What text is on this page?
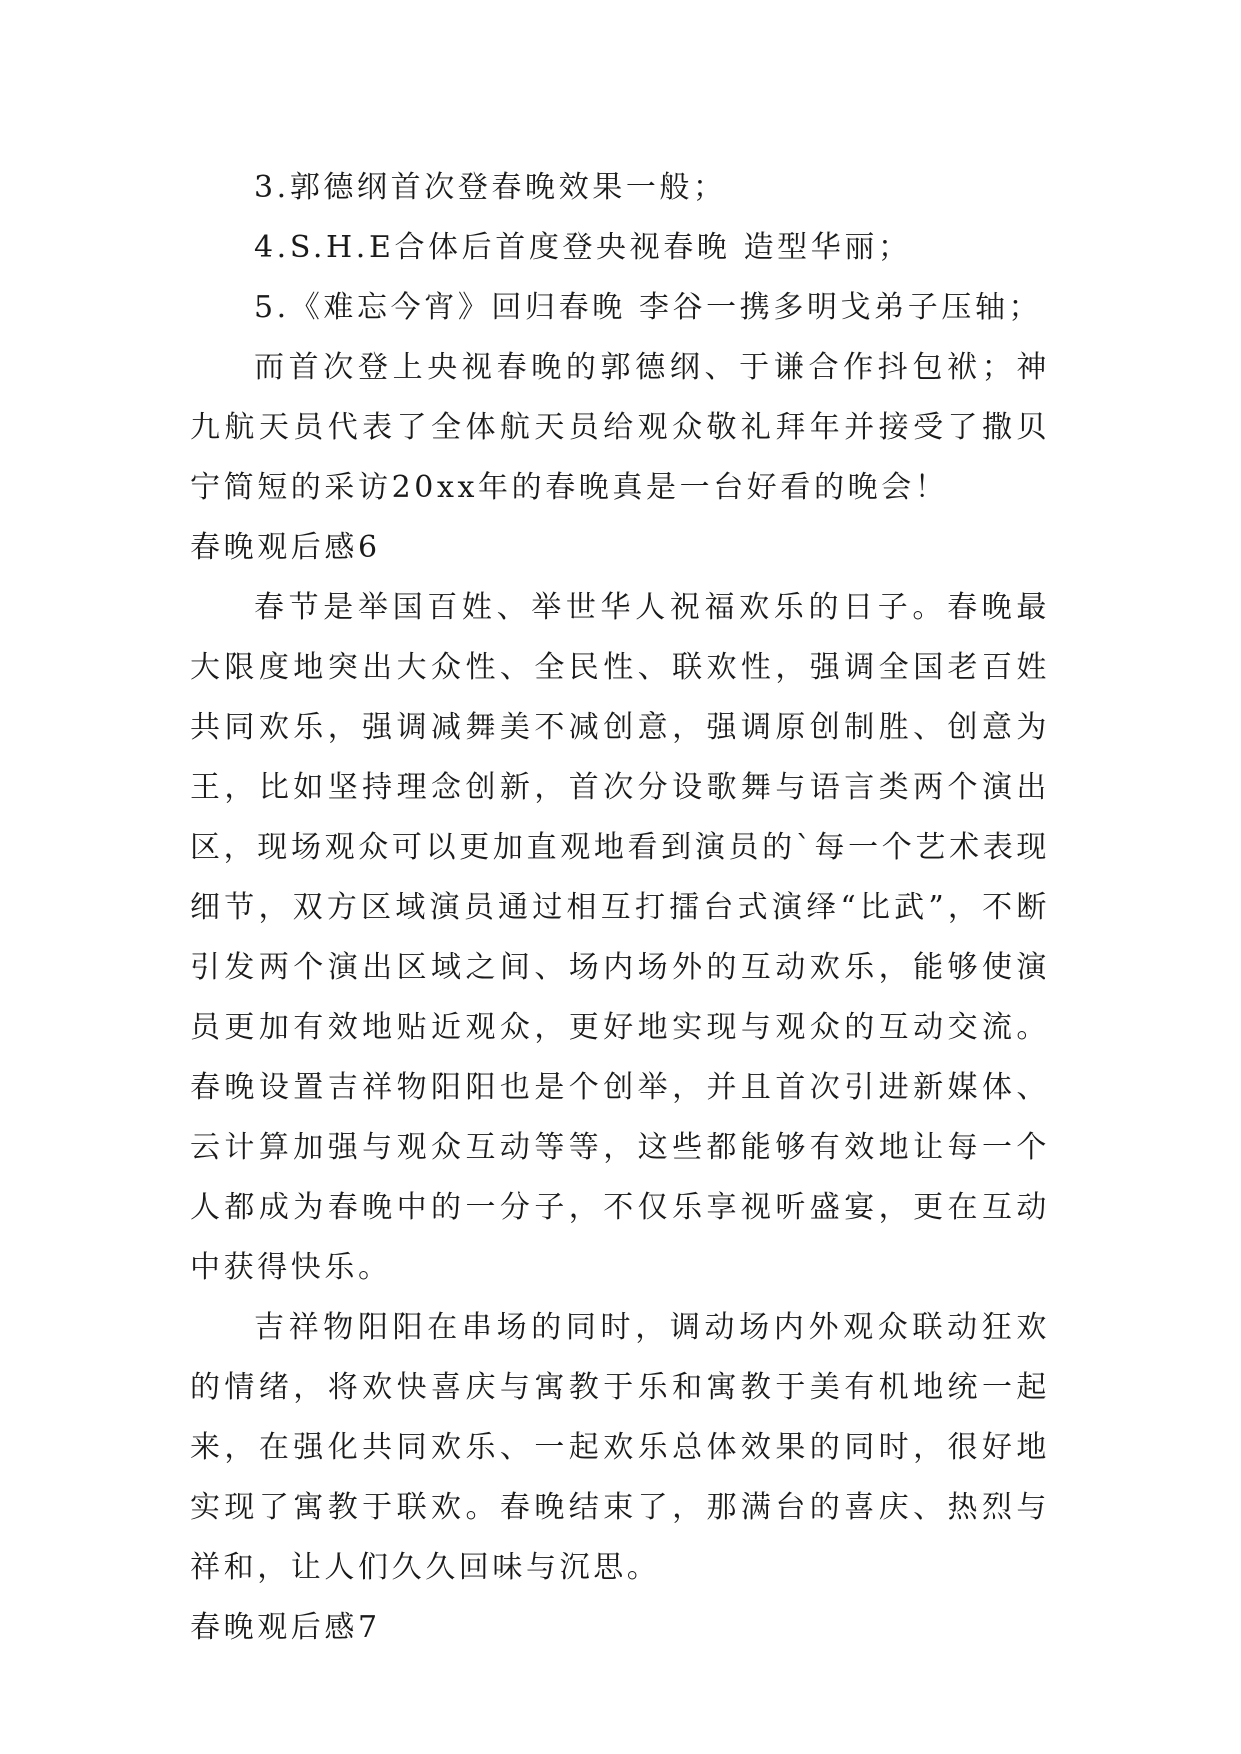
3.郭德纲首次登春晚效果一般；

4.S.H.E合体后首度登央视春晚 造型华丽；

5.《难忘今宵》回归春晚 李谷一携多明戈弟子压轴；

而首次登上央视春晚的郭德纲、于谦合作抖包袱；神九航天员代表了全体航天员给观众敬礼拜年并接受了撒贝宁简短的采访20xx年的春晚真是一台好看的晚会！

春晚观后感6

春节是举国百姓、举世华人祝福欢乐的日子。春晚最大限度地突出大众性、全民性、联欢性，强调全国老百姓共同欢乐，强调减舞美不减创意，强调原创制胜、创意为王，比如坚持理念创新，首次分设歌舞与语言类两个演出区，现场观众可以更加直观地看到演员的`每一个艺术表现细节，双方区域演员通过相互打擂台式演绎“比武”，不断引发两个演出区域之间、场内场外的互动欢乐，能够使演员更加有效地贴近观众，更好地实现与观众的互动交流。春晚设置吉祥物阳阳也是个创举，并且首次引进新媒体、云计算加强与观众互动等等，这些都能够有效地让每一个人都成为春晚中的一分子，不仅乐享视听盛宴，更在互动中获得快乐。

吉祥物阳阳在串场的同时，调动场内外观众联动狂欢的情绪，将欢快喜庆与寓教于乐和寓教于美有机地统一起来，在强化共同欢乐、一起欢乐总体效果的同时，很好地实现了寓教于联欢。春晚结束了，那满台的喜庆、热烈与祥和，让人们久久回味与沉思。

春晚观后感7
